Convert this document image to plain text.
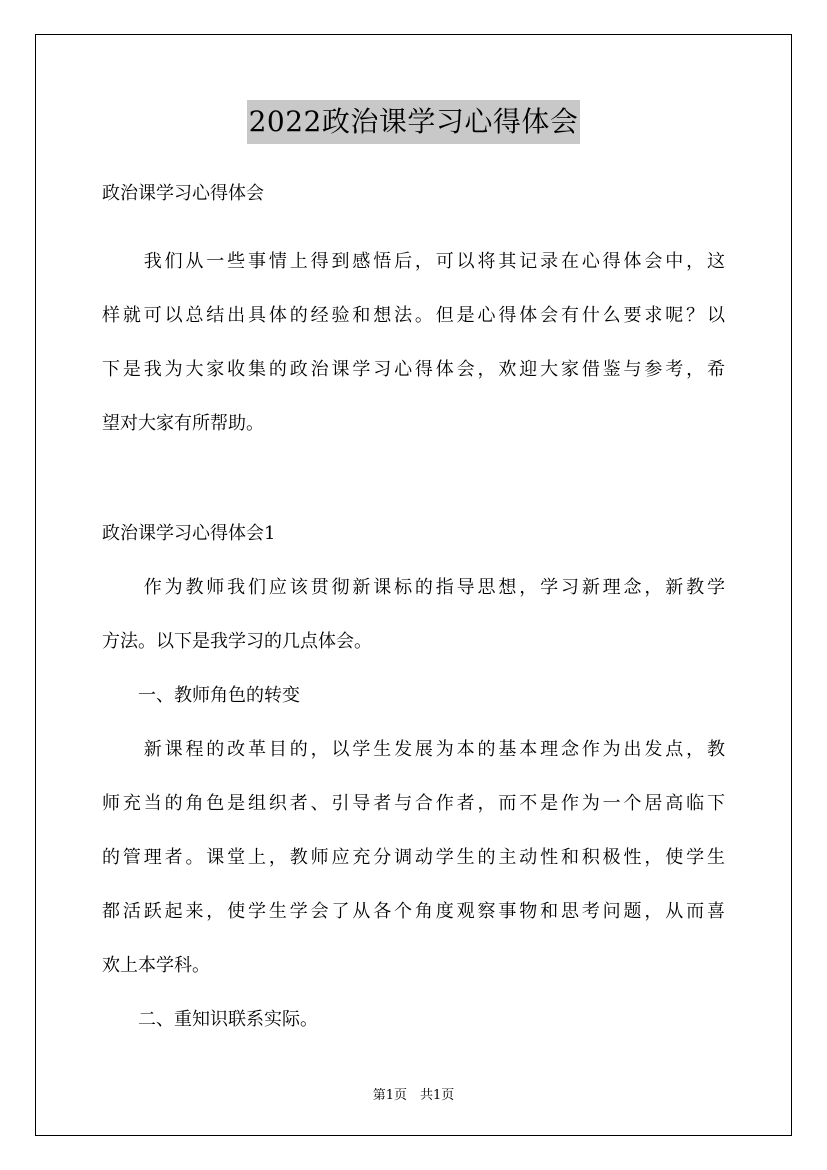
2022政治课学习心得体会
政治课学习心得体会
　　我们从一些事情上得到感悟后，可以将其记录在心得体会中，这
样就可以总结出具体的经验和想法。但是心得体会有什么要求呢？以
下是我为大家收集的政治课学习心得体会，欢迎大家借鉴与参考，希
望对大家有所帮助。
政治课学习心得体会1
　　作为教师我们应该贯彻新课标的指导思想，学习新理念，新教学
方法。以下是我学习的几点体会。
　　一、教师角色的转变
　　新课程的改革目的，以学生发展为本的基本理念作为出发点，教
师充当的角色是组织者、引导者与合作者，而不是作为一个居高临下
的管理者。课堂上，教师应充分调动学生的主动性和积极性，使学生
都活跃起来，使学生学会了从各个角度观察事物和思考问题，从而喜
欢上本学科。
　　二、重知识联系实际。
第1页　共1页
